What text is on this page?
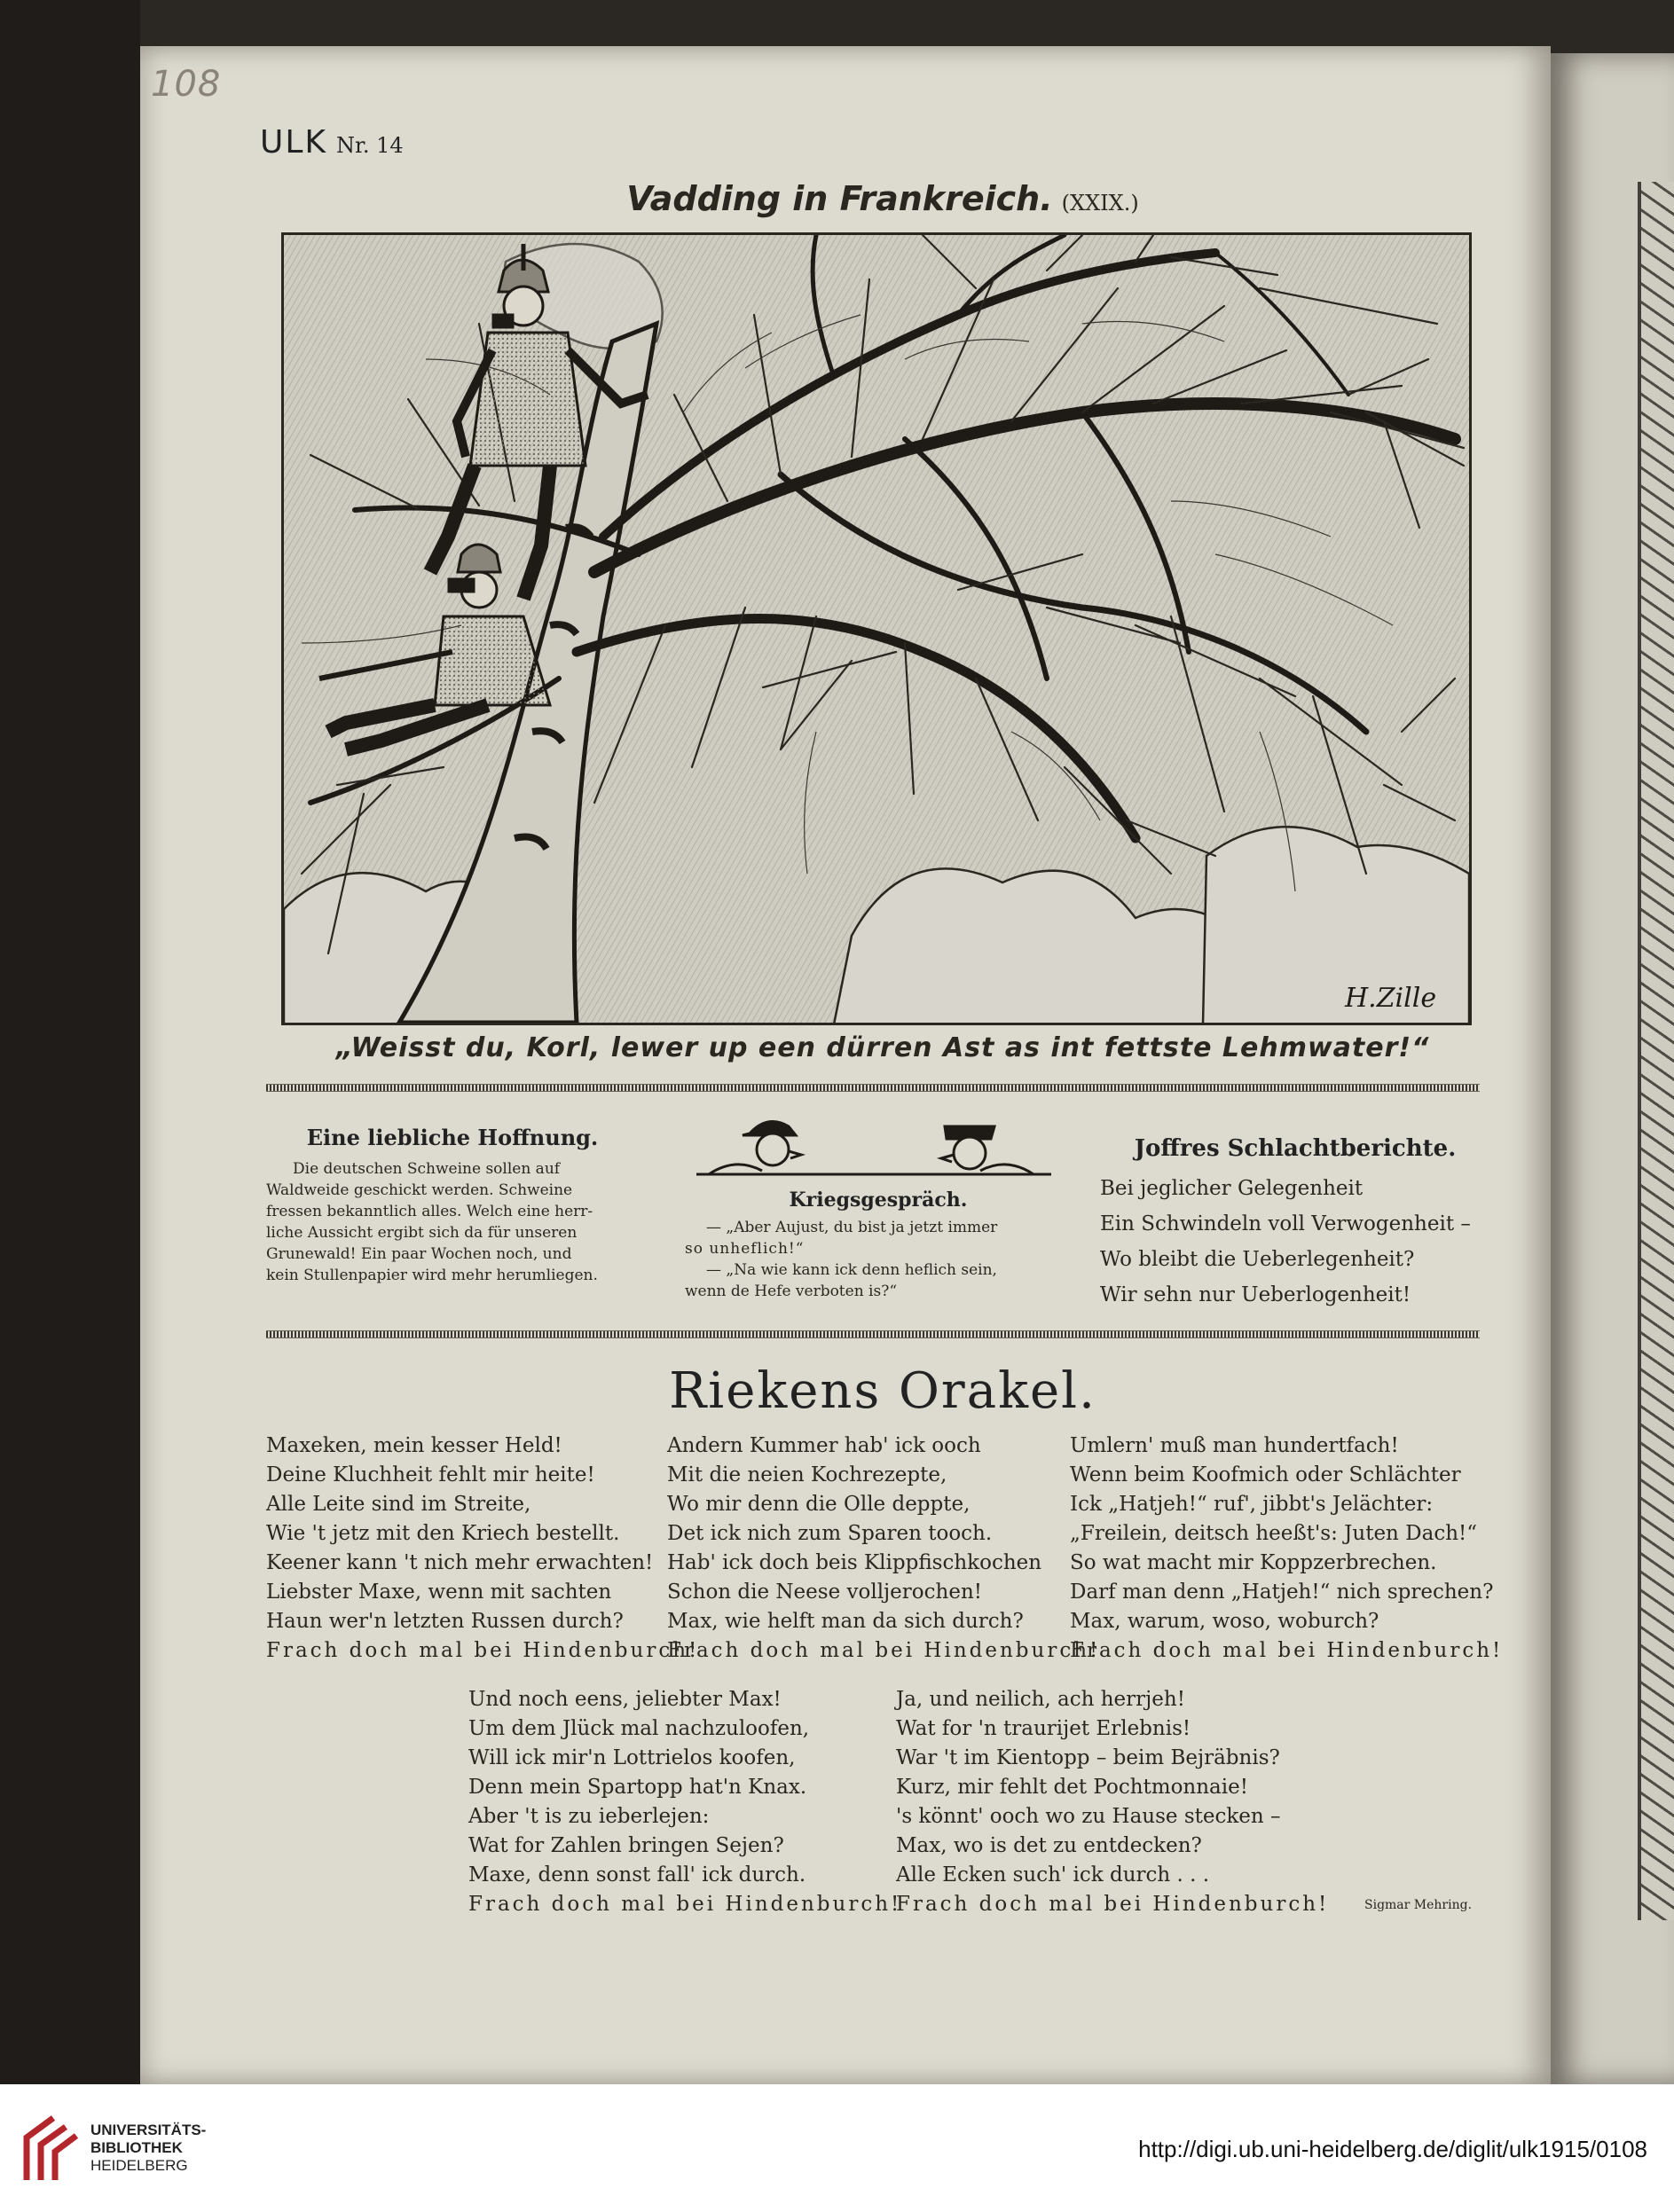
108
ULK Nr. 14
Vadding in Frankreich. (XXIX.)
H.Zille
„Weisst du, Korl, lewer up een dürren Ast as int fettste Lehmwater!“
Eine liebliche Hoffnung.
Die deutschen Schweine sollen auf
Waldweide geschickt werden. Schweine
fressen bekanntlich alles. Welch eine herr-
liche Aussicht ergibt sich da für unseren
Grunewald! Ein paar Wochen noch, und
kein Stullenpapier wird mehr herumliegen.
Kriegsgespräch.
— „Aber Aujust, du bist ja jetzt immer
so unheflich!“
— „Na wie kann ick denn heflich sein,
wenn de Hefe verboten is?“
Joffres Schlachtberichte.
Bei jeglicher Gelegenheit
Ein Schwindeln voll Verwogenheit –
Wo bleibt die Ueberlegenheit?
Wir sehn nur Ueberlogenheit!
Riekens Orakel.
Maxeken, mein kesser Held!
Deine Kluchheit fehlt mir heite!
Alle Leite sind im Streite,
Wie 't jetz mit den Kriech bestellt.
Keener kann 't nich mehr erwachten!
Liebster Maxe, wenn mit sachten
Haun wer'n letzten Russen durch?
Frach doch mal bei Hindenburch!
Andern Kummer hab' ick ooch
Mit die neien Kochrezepte,
Wo mir denn die Olle deppte,
Det ick nich zum Sparen tooch.
Hab' ick doch beis Klippfischkochen
Schon die Neese volljerochen!
Max, wie helft man da sich durch?
Frach doch mal bei Hindenburch!
Umlern' muß man hundertfach!
Wenn beim Koofmich oder Schlächter
Ick „Hatjeh!“ ruf', jibbt's Jelächter:
„Freilein, deitsch heeßt's: Juten Dach!“
So wat macht mir Koppzerbrechen.
Darf man denn „Hatjeh!“ nich sprechen?
Max, warum, woso, woburch?
Frach doch mal bei Hindenburch!
Und noch eens, jeliebter Max!
Um dem Jlück mal nachzuloofen,
Will ick mir'n Lottrielos koofen,
Denn mein Spartopp hat'n Knax.
Aber 't is zu ieberlejen:
Wat for Zahlen bringen Sejen?
Maxe, denn sonst fall' ick durch.
Frach doch mal bei Hindenburch!
Ja, und neilich, ach herrjeh!
Wat for 'n traurijet Erlebnis!
War 't im Kientopp – beim Bejräbnis?
Kurz, mir fehlt det Pochtmonnaie!
's könnt' ooch wo zu Hause stecken –
Max, wo is det zu entdecken?
Alle Ecken such' ick durch . . .
Frach doch mal bei Hindenburch!	Sigmar Mehring.
UNIVERSITÄTS-
BIBLIOTHEK
HEIDELBERG
http://digi.ub.uni-heidelberg.de/diglit/ulk1915/0108
